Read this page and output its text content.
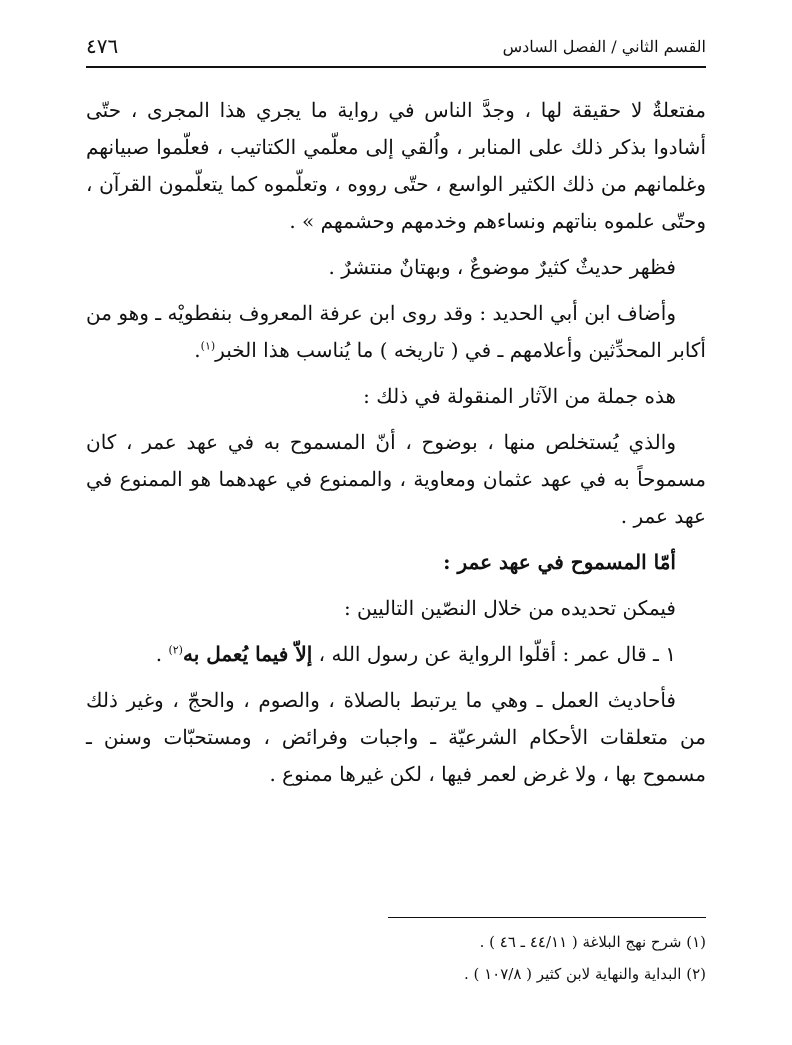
القسم الثاني / الفصل السادس
٤٧٦

مفتعلةٌ لا حقيقة لها ، وجدَّ الناس في رواية ما يجري هذا المجرى ، حتّى أشادوا بذكر ذلك على المنابر ، واُلقي إلى معلّمي الكتاتيب ، فعلّموا صبيانهم وغلمانهم من ذلك الكثير الواسع ، حتّى رووه ، وتعلّموه كما يتعلّمون القرآن ، وحتّى علموه بناتهم ونساءهم وخدمهم وحشمهم » .

فظهر حديثٌ كثيرٌ موضوعٌ ، وبهتانٌ منتشرٌ .

وأضاف ابن أبي الحديد : وقد روى ابن عرفة المعروف بنفطويْه ـ وهو من أكابر المحدِّثين وأعلامهم ـ في ( تاريخه ) ما يُناسب هذا الخبر$^{(١)}$.

هذه جملة من الآثار المنقولة في ذلك :

والذي يُستخلص منها ، بوضوح ، أنّ المسموح به في عهد عمر ، كان مسموحاً به في عهد عثمان ومعاوية ، والممنوع في عهدهما هو الممنوع في عهد عمر .

أمّا المسموح في عهد عمر :

فيمكن تحديده من خلال النصّين التاليين :

١ ـ قال عمر : أقلّوا الرواية عن رسول الله ، إلاّ فيما يُعمل به$^{(٢)}$ .

فأحاديث العمل ـ وهي ما يرتبط بالصلاة ، والصوم ، والحجّ ، وغير ذلك من متعلقات الأحكام الشرعيّة ـ واجبات وفرائض ، ومستحبّات وسنن ـ مسموح بها ، ولا غرض لعمر فيها ، لكن غيرها ممنوع .

(١) شرح نهج البلاغة ( ٤٤/١١ ـ ٤٦ ) .

(٢) البداية والنهاية لابن كثير ( ١٠٧/٨ ) .
